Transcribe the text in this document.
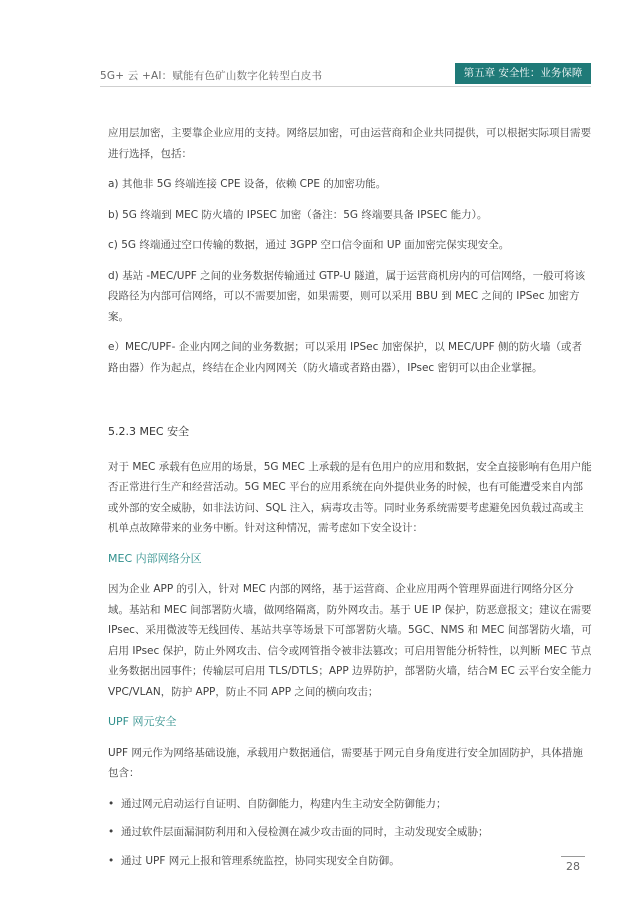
5G+ 云 +AI：赋能有色矿山数字化转型白皮书	第五章 安全性：业务保障

应用层加密，主要靠企业应用的支持。网络层加密，可由运营商和企业共同提供，可以根据实际项目需要进行选择，包括：

a) 其他非 5G 终端连接 CPE 设备，依赖 CPE 的加密功能。

b) 5G 终端到 MEC 防火墙的 IPSEC 加密（备注：5G 终端要具备 IPSEC 能力）。

c) 5G 终端通过空口传输的数据，通过 3GPP 空口信令面和 UP 面加密完保实现安全。

d) 基站 -MEC/UPF 之间的业务数据传输通过 GTP-U 隧道，属于运营商机房内的可信网络，一般可将该段路径为内部可信网络，可以不需要加密，如果需要，则可以采用 BBU 到 MEC 之间的 IPSec 加密方案。

e）MEC/UPF- 企业内网之间的业务数据；可以采用 IPSec 加密保护，以 MEC/UPF 侧的防火墙（或者路由器）作为起点，终结在企业内网网关（防火墙或者路由器），IPsec 密钥可以由企业掌握。

5.2.3 MEC 安全

对于 MEC 承载有色应用的场景，5G MEC 上承载的是有色用户的应用和数据，安全直接影响有色用户能否正常进行生产和经营活动。5G MEC 平台的应用系统在向外提供业务的时候，也有可能遭受来自内部或外部的安全威胁，如非法访问、SQL 注入，病毒攻击等。同时业务系统需要考虑避免因负载过高或主机单点故障带来的业务中断。针对这种情况，需考虑如下安全设计：

MEC 内部网络分区

因为企业 APP 的引入，针对 MEC 内部的网络，基于运营商、企业应用两个管理界面进行网络分区分域。基站和 MEC 间部署防火墙，做网络隔离，防外网攻击。基于 UE IP 保护，防恶意报文；建议在需要 IPsec、采用微波等无线回传、基站共享等场景下可部署防火墙。5GC、NMS 和 MEC 间部署防火墙，可启用 IPsec 保护，防止外网攻击、信令或网管指令被非法篡改；可启用智能分析特性，以判断 MEC 节点业务数据出园事件；传输层可启用 TLS/DTLS；APP 边界防护，部署防火墙，结合M EC 云平台安全能力 VPC/VLAN，防护 APP，防止不同 APP 之间的横向攻击；

UPF 网元安全

UPF 网元作为网络基础设施，承载用户数据通信，需要基于网元自身角度进行安全加固防护，具体措施包含：

• 通过网元启动运行自证明、自防御能力，构建内生主动安全防御能力；
• 通过软件层面漏洞防利用和入侵检测在减少攻击面的同时，主动发现安全威胁；
• 通过 UPF 网元上报和管理系统监控，协同实现安全自防御。	28
